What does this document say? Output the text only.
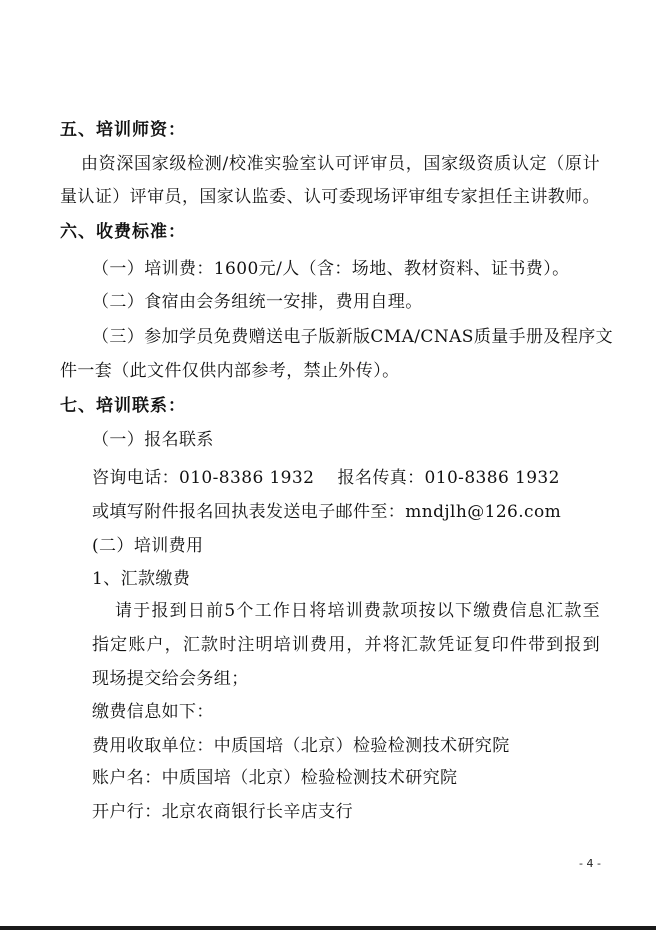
五、培训师资：
由资深国家级检测/校准实验室认可评审员，国家级资质认定（原计
量认证）评审员，国家认监委、认可委现场评审组专家担任主讲教师。
六、收费标准：
（一）培训费：1600元/人（含：场地、教材资料、证书费）。
（二）食宿由会务组统一安排，费用自理。
（三）参加学员免费赠送电子版新版CMA/CNAS质量手册及程序文
件一套（此文件仅供内部参考，禁止外传）。
七、培训联系：
（一）报名联系
咨询电话：010-8386 1932    报名传真：010-8386 1932
或填写附件报名回执表发送电子邮件至：mndjlh@126.com
(二）培训费用
1、汇款缴费
请于报到日前5个工作日将培训费款项按以下缴费信息汇款至
指定账户，汇款时注明培训费用，并将汇款凭证复印件带到报到
现场提交给会务组；
缴费信息如下：
费用收取单位：中质国培（北京）检验检测技术研究院
账户名：中质国培（北京）检验检测技术研究院
开户行：北京农商银行长辛店支行
- 4 -
